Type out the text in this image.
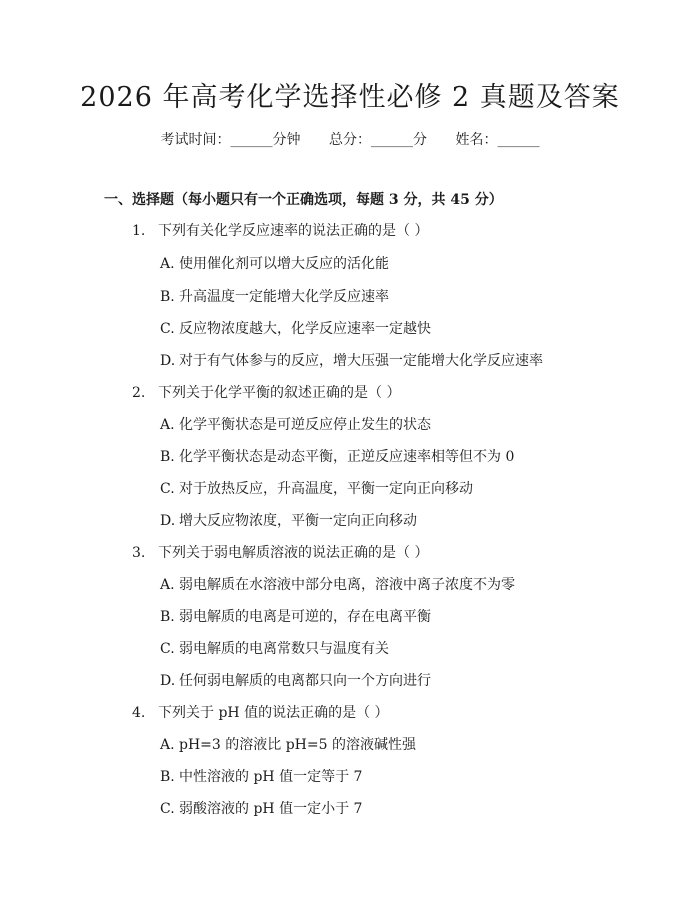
2026 年高考化学选择性必修 2 真题及答案
考试时间：______分钟 总分：______分 姓名：______
一、选择题（每小题只有一个正确选项，每题 3 分，共 45 分）
1. 下列有关化学反应速率的说法正确的是（ ）
A. 使用催化剂可以增大反应的活化能
B. 升高温度一定能增大化学反应速率
C. 反应物浓度越大，化学反应速率一定越快
D. 对于有气体参与的反应，增大压强一定能增大化学反应速率
2. 下列关于化学平衡的叙述正确的是（ ）
A. 化学平衡状态是可逆反应停止发生的状态
B. 化学平衡状态是动态平衡，正逆反应速率相等但不为 0
C. 对于放热反应，升高温度，平衡一定向正向移动
D. 增大反应物浓度，平衡一定向正向移动
3. 下列关于弱电解质溶液的说法正确的是（ ）
A. 弱电解质在水溶液中部分电离，溶液中离子浓度不为零
B. 弱电解质的电离是可逆的，存在电离平衡
C. 弱电解质的电离常数只与温度有关
D. 任何弱电解质的电离都只向一个方向进行
4. 下列关于 pH 值的说法正确的是（ ）
A. pH=3 的溶液比 pH=5 的溶液碱性强
B. 中性溶液的 pH 值一定等于 7
C. 弱酸溶液的 pH 值一定小于 7
